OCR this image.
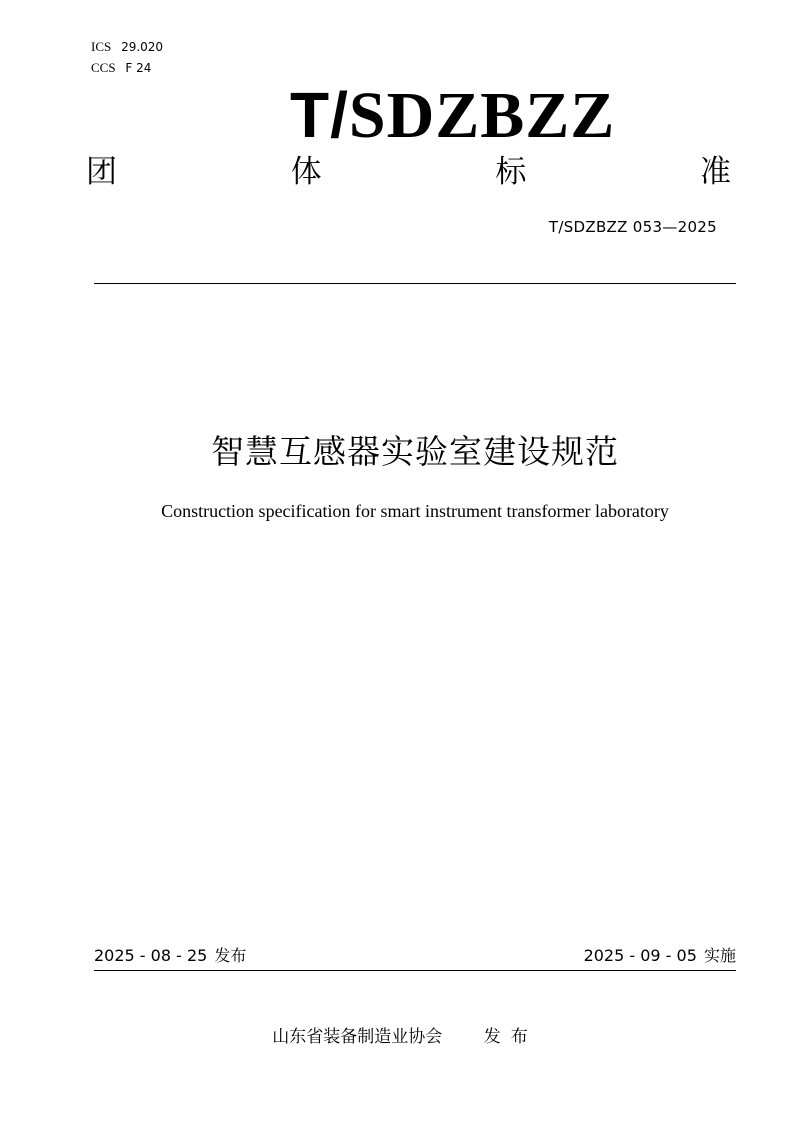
ICS 29.020
CCS F 24
T/SDZBZZ
团	体	标	准
T/SDZBZZ 053—2025
智慧互感器实验室建设规范
Construction specification for smart instrument transformer laboratory
2025 - 08 - 25 发布	2025 - 09 - 05 实施
山东省装备制造业协会 发布
